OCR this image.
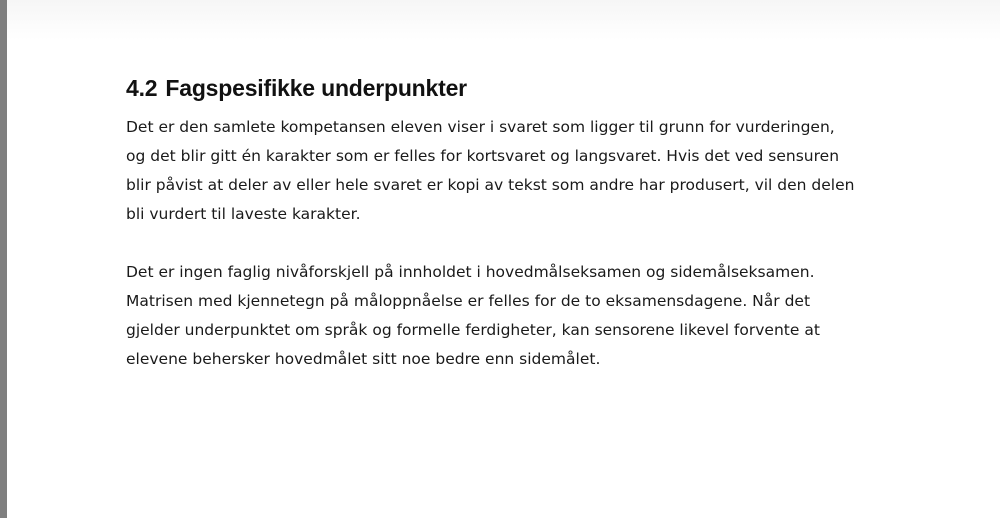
4.2 Fagspesifikke underpunkter

Det er den samlete kompetansen eleven viser i svaret som ligger til grunn for vurderingen,
og det blir gitt én karakter som er felles for kortsvaret og langsvaret. Hvis det ved sensuren
blir påvist at deler av eller hele svaret er kopi av tekst som andre har produsert, vil den delen
bli vurdert til laveste karakter.

Det er ingen faglig nivåforskjell på innholdet i hovedmålseksamen og sidemålseksamen.
Matrisen med kjennetegn på måloppnåelse er felles for de to eksamensdagene. Når det
gjelder underpunktet om språk og formelle ferdigheter, kan sensorene likevel forvente at
elevene behersker hovedmålet sitt noe bedre enn sidemålet.
